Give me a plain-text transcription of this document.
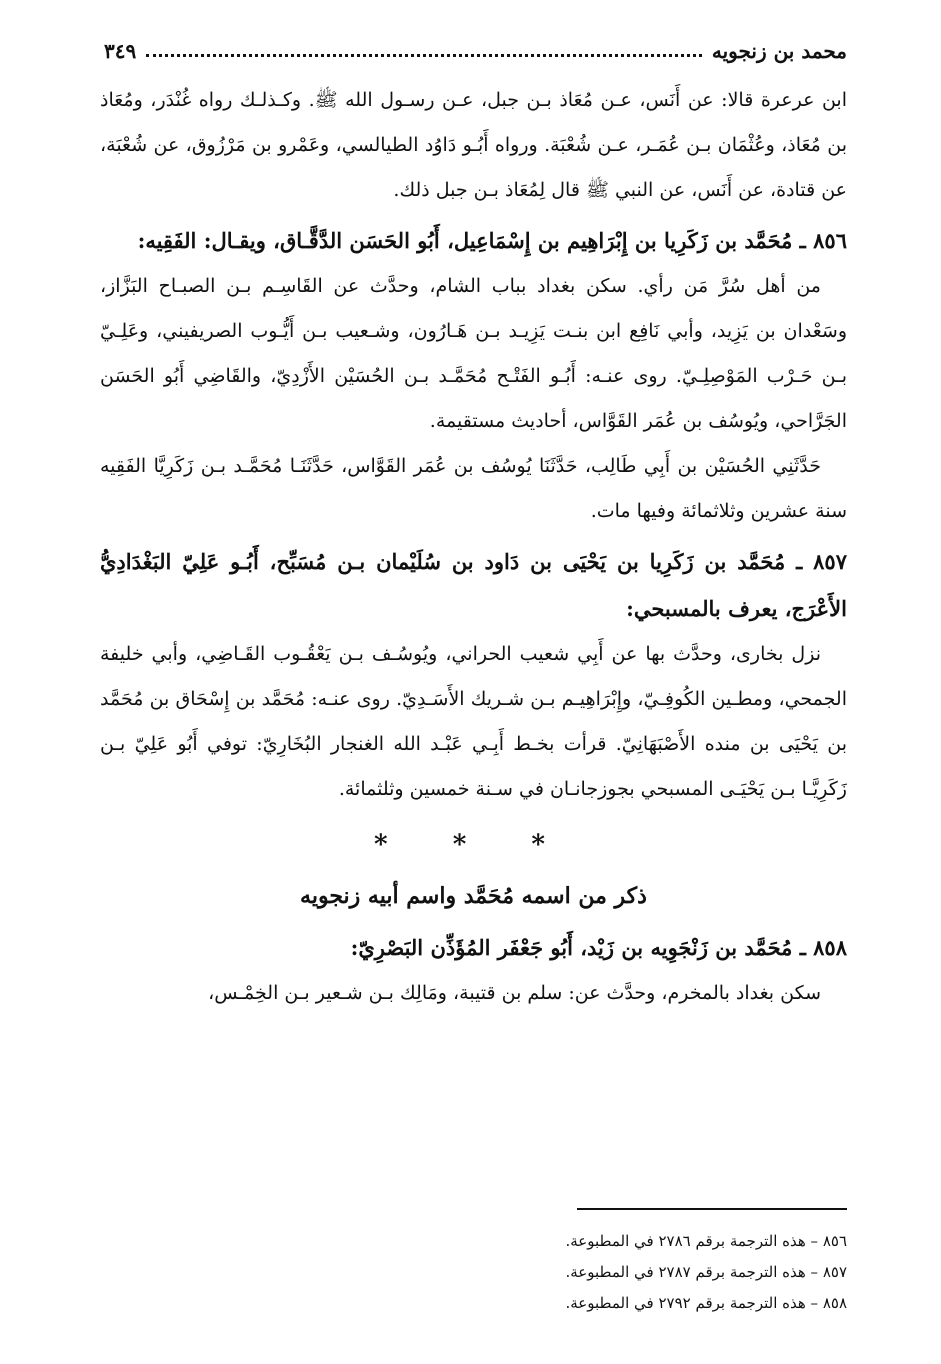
٣٤٩	محمد بن زنجويه

ابن عرعرة قالا: عن أَنَس، عـن مُعَاذ بـن جبل، عـن رسـول الله ﷺ. وكـذلـك رواه غُنْدَر، ومُعَاذ بن مُعَاذ، وعُثْمَان بـن عُمَـر، عـن شُعْبَة. ورواه أَبُـو دَاوُد الطيالسي، وعَمْرو بن مَرْزُوق، عن شُعْبَة، عن قتادة، عن أَنَس، عن النبي ﷺ قال لِمُعَاذ بـن جبل ذلك.

٨٥٦ ـ مُحَمَّد بن زَكَرِيا بن إِبْرَاهِيم بن إِسْمَاعِيل، أَبُو الحَسَن الدَّقَّـاق، ويقـال: الفَقِيه:

من أهل سُرَّ مَن رأي. سكن بغداد بباب الشام، وحدَّث عن القَاسِـم بـن الصبـاح البَزَّاز، وسَعْدان بن يَزِيد، وأبي نَافِع ابن بنـت يَزِيـد بـن هَـارُون، وشـعيب بـن أَيُّـوب الصريفيني، وعَلِـيّ بـن حَـرْب المَوْصِلِـيّ. روى عنـه: أَبُـو الفَتْـح مُحَمَّـد بـن الحُسَيْن الأَزْدِيّ، والقَاضِي أَبُو الحَسَن الجَرَّاحي، ويُوسُف بن عُمَر القَوَّاس، أحاديث مستقيمة.

حَدَّثَنِي الحُسَيْن بن أَبِي طَالِب، حَدَّثَنَا يُوسُف بن عُمَر القَوَّاس، حَدَّثَنَـا مُحَمَّـد بـن زَكَرِيَّا الفَقِيه سنة عشرين وثلاثمائة وفيها مات.

٨٥٧ ـ مُحَمَّد بن زَكَرِيا بن يَحْيَى بن دَاود بن سُلَيْمان بـن مُسَبِّح، أَبُـو عَلِيّ البَغْدَادِيُّ الأَعْرَج، يعرف بالمسبحي:

نزل بخارى، وحدَّث بها عن أَبِي شعيب الحراني، ويُوسُـف بـن يَعْقُـوب القَـاضِي، وأبي خليفة الجمحي، ومطـين الكُوفِـيّ، وإِبْرَاهِيـم بـن شـريك الأَسَـدِيّ. روى عنـه: مُحَمَّد بن إِسْحَاق بن مُحَمَّد بن يَحْيَى بن منده الأَصْبَهَانِيّ. قرأت بخـط أَبِـي عَبْـد الله الغنجار البُخَارِيّ: توفي أَبُو عَلِيّ بـن زَكَرِيَّـا بـن يَحْيَـى المسبحي بجوزجانـان في سـنة خمسين وثلثمائة.

* * *
ذكر من اسمه مُحَمَّد واسم أبيه زنجويه

٨٥٨ ـ مُحَمَّد بن زَنْجَوِيه بن زَيْد، أَبُو جَعْفَر المُؤَذِّن البَصْرِيّ:

سكن بغداد بالمخرم، وحدَّث عن: سلم بن قتيبة، ومَالِك بـن شـعير بـن الخِمْـس،

٨٥٦ – هذه الترجمة برقم ٢٧٨٦ في المطبوعة.
٨٥٧ – هذه الترجمة برقم ٢٧٨٧ في المطبوعة.
٨٥٨ – هذه الترجمة برقم ٢٧٩٢ في المطبوعة.
